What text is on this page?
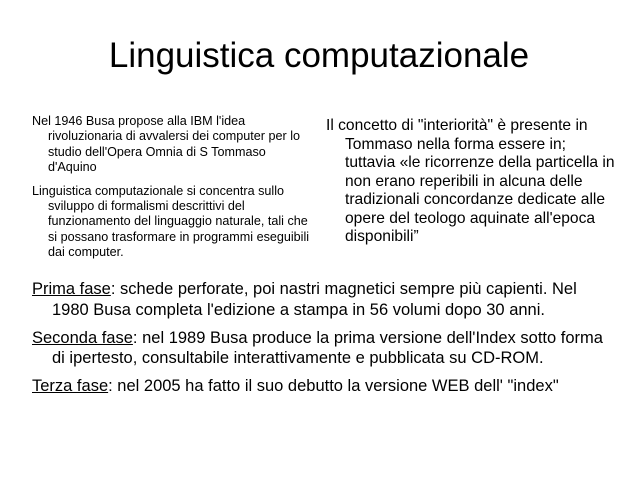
Linguistica computazionale

Nel 1946 Busa propose alla IBM l'idea rivoluzionaria di avvalersi dei computer per lo studio dell'Opera Omnia di S Tommaso d'Aquino

Linguistica computazionale si concentra sullo sviluppo di formalismi descrittivi del funzionamento del linguaggio naturale, tali che si possano trasformare in programmi eseguibili dai computer.

Il concetto di "interiorità" è presente in Tommaso nella forma essere in; tuttavia «le ricorrenze della particella in non erano reperibili in alcuna delle tradizionali concordanze dedicate alle opere del teologo aquinate all'epoca disponibili”

Prima fase: schede perforate, poi nastri magnetici sempre più capienti. Nel 1980 Busa completa l'edizione a stampa in 56 volumi dopo 30 anni.

Seconda fase: nel 1989 Busa produce la prima versione dell'Index sotto forma di ipertesto, consultabile interattivamente e pubblicata su CD-ROM.

Terza fase: nel 2005 ha fatto il suo debutto la versione WEB dell' "index"
